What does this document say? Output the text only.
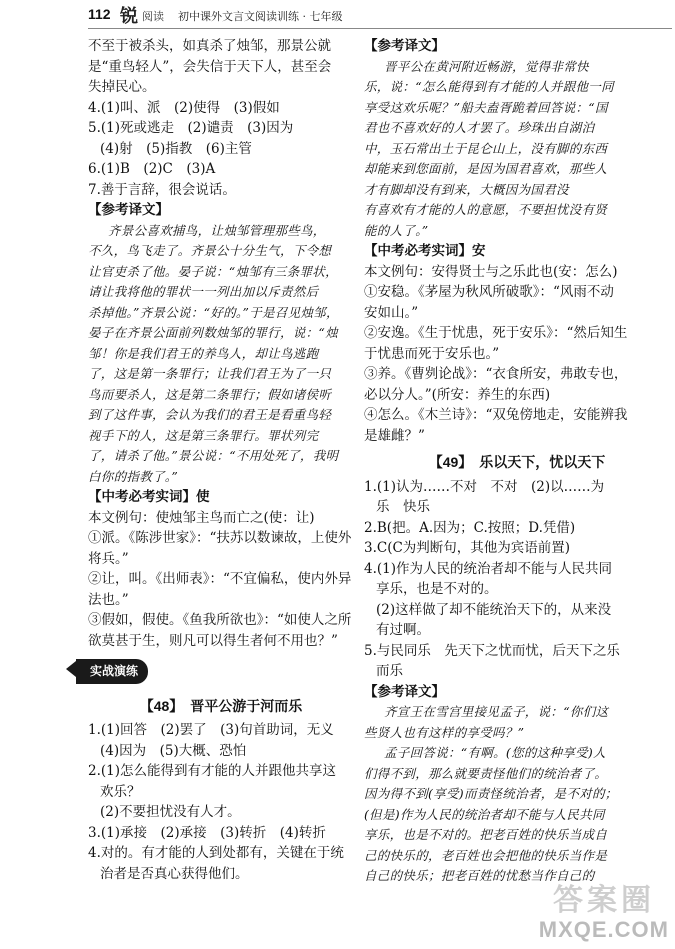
112 锐 阅读 初中课外文言文阅读训练 · 七年级
不至于被杀头，如真杀了烛邹，那景公就
是“重鸟轻人”，会失信于天下人，甚至会
失掉民心。
4.(1)叫、派　(2)使得　(3)假如
5.(1)死或逃走　(2)谴责　(3)因为
(4)射　(5)指教　(6)主管
6.(1)B　(2)C　(3)A
7.善于言辞，很会说话。
【参考译文】
齐景公喜欢捕鸟，让烛邹管理那些鸟，
不久，鸟飞走了。齐景公十分生气，下令想
让官吏杀了他。晏子说：“烛邹有三条罪状，
请让我将他的罪状一一列出加以斥责然后
杀掉他。”齐景公说：“好的。”于是召见烛邹，
晏子在齐景公面前列数烛邹的罪行，说：“烛
邹！你是我们君王的养鸟人，却让鸟逃跑
了，这是第一条罪行；让我们君王为了一只
鸟而要杀人，这是第二条罪行；假如诸侯听
到了这件事，会认为我们的君王是看重鸟轻
视手下的人，这是第三条罪行。罪状列完
了，请杀了他。”景公说：“不用处死了，我明
白你的指教了。”
【中考必考实词】使
本文例句：使烛邹主鸟而亡之(使：让)
①派。《陈涉世家》：“扶苏以数谏故，上使外
将兵。”
②让，叫。《出师表》：“不宜偏私，使内外异
法也。”
③假如，假使。《鱼我所欲也》：“如使人之所
欲莫甚于生，则凡可以得生者何不用也？”
实战演练
【48】　晋平公游于河而乐
1.(1)回答　(2)罢了　(3)句首助词，无义
(4)因为　(5)大概、恐怕
2.(1)怎么能得到有才能的人并跟他共享这
欢乐？
(2)不要担忧没有人才。
3.(1)承接　(2)承接　(3)转折　(4)转折
4.对的。有才能的人到处都有，关键在于统
治者是否真心获得他们。
【参考译文】
晋平公在黄河附近畅游，觉得非常快
乐，说：“怎么能得到有才能的人并跟他一同
享受这欢乐呢？”船夫盍胥跪着回答说：“国
君也不喜欢好的人才罢了。珍珠出自湖泊
中，玉石常出土于昆仑山上，没有脚的东西
却能来到您面前，是因为国君喜欢，那些人
才有脚却没有到来，大概因为国君没
有喜欢有才能的人的意愿，不要担忧没有贤
能的人了。”
【中考必考实词】安
本文例句：安得贤士与之乐此也(安：怎么)
①安稳。《茅屋为秋风所破歌》：“风雨不动
安如山。”
②安逸。《生于忧患，死于安乐》：“然后知生
于忧患而死于安乐也。”
③养。《曹刿论战》：“衣食所安，弗敢专也，
必以分人。”(所安：养生的东西)
④怎么。《木兰诗》：“双兔傍地走，安能辨我
是雄雌？”
【49】　乐以天下，忧以天下
1.(1)认为……不对　不对　(2)以……为
乐　快乐
2.B(把。A.因为；C.按照；D.凭借)
3.C(C为判断句，其他为宾语前置)
4.(1)作为人民的统治者却不能与人民共同
享乐，也是不对的。
(2)这样做了却不能统治天下的，从来没
有过啊。
5.与民同乐　先天下之忧而忧，后天下之乐
而乐
【参考译文】
齐宣王在雪宫里接见孟子，说：“你们这
些贤人也有这样的享受吗？”
孟子回答说：“有啊。(您的这种享受)人
们得不到，那么就要责怪他们的统治者了。
因为得不到(享受)而责怪统治者，是不对的；
(但是)作为人民的统治者却不能与人民共同
享乐，也是不对的。把老百姓的快乐当成自
己的快乐的，老百姓也会把他的快乐当作是
自己的快乐；把老百姓的忧愁当作自己的
答案圈
MXQE.COM
